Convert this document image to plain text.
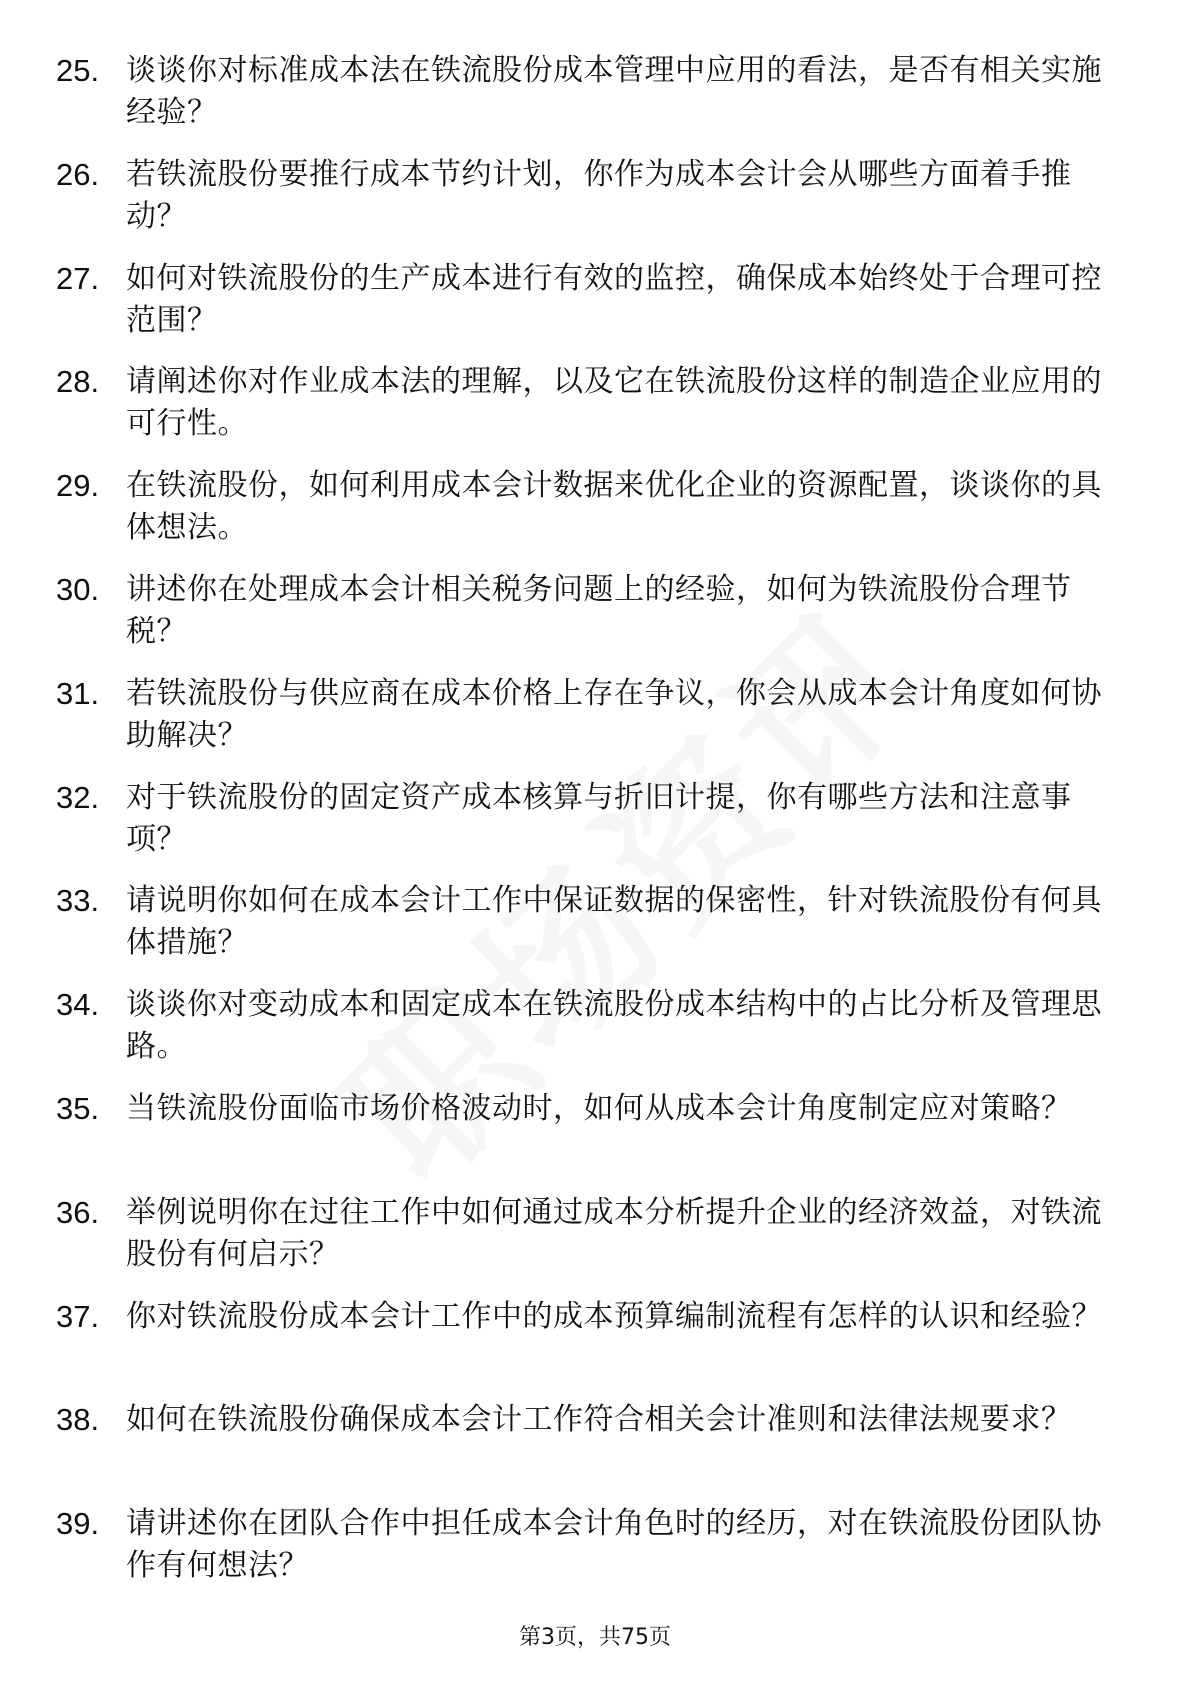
25. 谈谈你对标准成本法在铁流股份成本管理中应用的看法，是否有相关实施经验？
26. 若铁流股份要推行成本节约计划，你作为成本会计会从哪些方面着手推动？
27. 如何对铁流股份的生产成本进行有效的监控，确保成本始终处于合理可控范围？
28. 请阐述你对作业成本法的理解，以及它在铁流股份这样的制造企业应用的可行性。
29. 在铁流股份，如何利用成本会计数据来优化企业的资源配置，谈谈你的具体想法。
30. 讲述你在处理成本会计相关税务问题上的经验，如何为铁流股份合理节税？
31. 若铁流股份与供应商在成本价格上存在争议，你会从成本会计角度如何协助解决？
32. 对于铁流股份的固定资产成本核算与折旧计提，你有哪些方法和注意事项？
33. 请说明你如何在成本会计工作中保证数据的保密性，针对铁流股份有何具体措施？
34. 谈谈你对变动成本和固定成本在铁流股份成本结构中的占比分析及管理思路。
35. 当铁流股份面临市场价格波动时，如何从成本会计角度制定应对策略？
36. 举例说明你在过往工作中如何通过成本分析提升企业的经济效益，对铁流股份有何启示？
37. 你对铁流股份成本会计工作中的成本预算编制流程有怎样的认识和经验？
38. 如何在铁流股份确保成本会计工作符合相关会计准则和法律法规要求？
39. 请讲述你在团队合作中担任成本会计角色时的经历，对在铁流股份团队协作有何想法？
第3页，共75页
